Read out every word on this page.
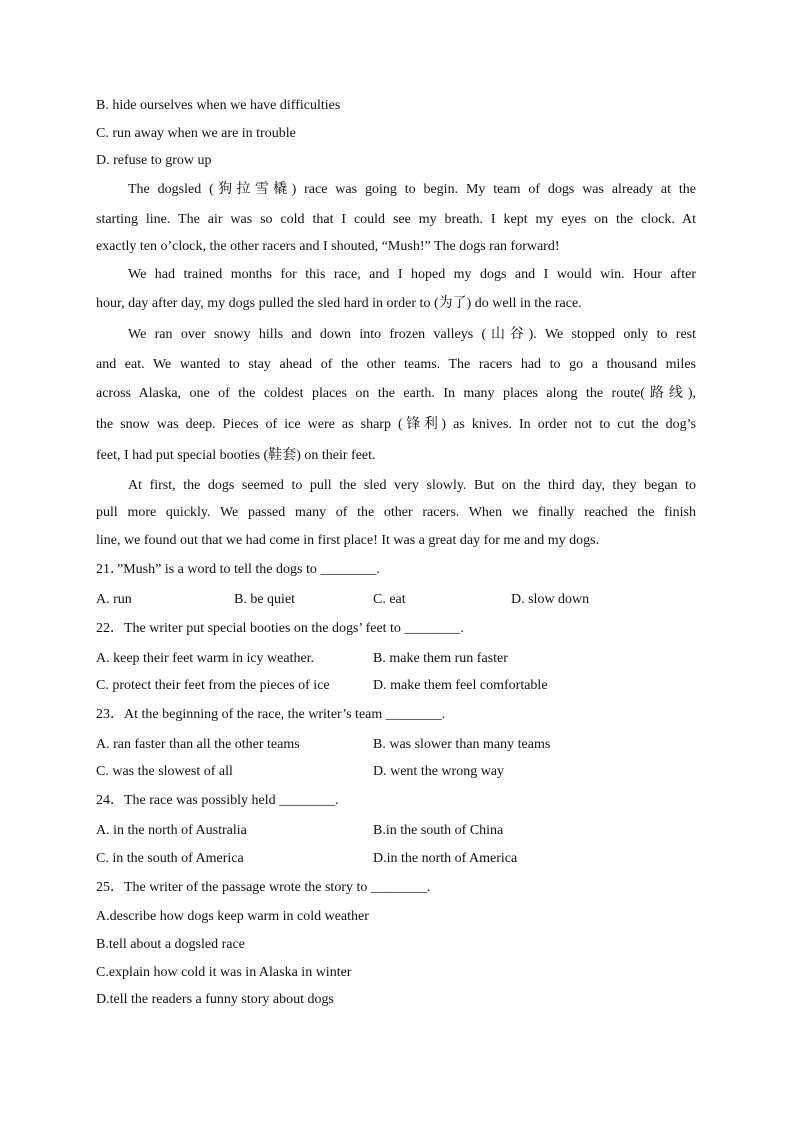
B. hide ourselves when we have difficulties
C. run away when we are in trouble
D. refuse to grow up
The dogsled (狗拉雪橇) race was going to begin. My team of dogs was already at the
starting line. The air was so cold that I could see my breath. I kept my eyes on the clock. At
exactly ten o’clock, the other racers and I shouted, “Mush!” The dogs ran forward!
We had trained months for this race, and I hoped my dogs and I would win. Hour after
hour, day after day, my dogs pulled the sled hard in order to (为了) do well in the race.
We ran over snowy hills and down into frozen valleys (山谷). We stopped only to rest
and eat. We wanted to stay ahead of the other teams. The racers had to go a thousand miles
across Alaska, one of the coldest places on the earth. In many places along the route(路线),
the snow was deep. Pieces of ice were as sharp (锋利) as knives. In order not to cut the dog’s
feet, I had put special booties (鞋套) on their feet.
At first, the dogs seemed to pull the sled very slowly. But on the third day, they began to
pull more quickly. We passed many of the other racers. When we finally reached the finish
line, we found out that we had come in first place! It was a great day for me and my dogs.
21．”Mush” is a word to tell the dogs to ________.
A. run	B. be quiet	C. eat	D. slow down
22．The writer put special booties on the dogs’ feet to ________.
A. keep their feet warm in icy weather.	B. make them run faster
C. protect their feet from the pieces of ice	D. make them feel comfortable
23．At the beginning of the race, the writer’s team ________.
A. ran faster than all the other teams	B. was slower than many teams
C. was the slowest of all	D. went the wrong way
24．The race was possibly held ________.
A. in the north of Australia	B.in the south of China
C. in the south of America	D.in the north of America
25．The writer of the passage wrote the story to ________.
A.describe how dogs keep warm in cold weather
B.tell about a dogsled race
C.explain how cold it was in Alaska in winter
D.tell the readers a funny story about dogs
